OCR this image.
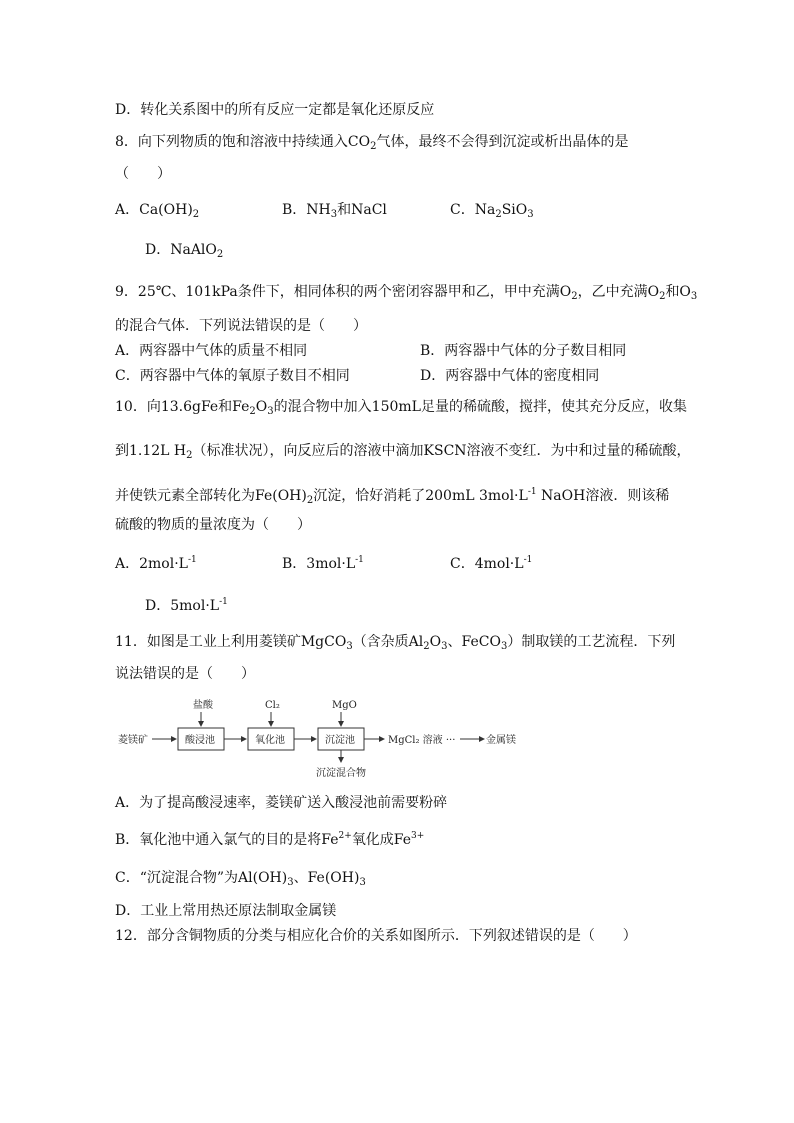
D．转化关系图中的所有反应一定都是氧化还原反应
8．向下列物质的饱和溶液中持续通入$CO_2$气体，最终不会得到沉淀或析出晶体的是
（　　）
A．$Ca(OH)_2$	B．$NH_3$和NaCl	C．$Na_2SiO_3$
D．NaAlO$_2$
9．25℃、101kPa条件下，相同体积的两个密闭容器甲和乙，甲中充满$O_2$，乙中充满$O_2$和$O_3$
的混合气体．下列说法错误的是（　　）
A．两容器中气体的质量不相同	B．两容器中气体的分子数目相同
C．两容器中气体的氧原子数目不相同	D．两容器中气体的密度相同
10．向13.6gFe和$Fe_2O_3$的混合物中加入150mL足量的稀硫酸，搅拌，使其充分反应，收集
到1.12L $H_2$（标准状况），向反应后的溶液中滴加KSCN溶液不变红．为中和过量的稀硫酸，
并使铁元素全部转化为$Fe(OH)_2$沉淀，恰好消耗了200mL $3mol\cdot L^{-1}$ NaOH溶液．则该稀
硫酸的物质的量浓度为（　　）
A．$2mol\cdot L^{-1}$	B．$3mol\cdot L^{-1}$	C．$4mol\cdot L^{-1}$
D．$5mol\cdot L^{-1}$
11．如图是工业上利用菱镁矿MgCO$_3$（含杂质$Al_2O_3$、FeCO$_3$）制取镁的工艺流程．下列
说法错误的是（　　）
菱镁矿	酸浸池	氧化池	沉淀池	MgCl₂ 溶液 ···	金属镁
盐酸	Cl₂	MgO
沉淀混合物
A．为了提高酸浸速率，菱镁矿送入酸浸池前需要粉碎
B．氧化池中通入氯气的目的是将$Fe^{2+}$氧化成$Fe^{3+}$
C．“沉淀混合物”为$Al(OH)_3$、$Fe(OH)_3$
D．工业上常用热还原法制取金属镁
12．部分含铜物质的分类与相应化合价的关系如图所示．下列叙述错误的是（　　）
